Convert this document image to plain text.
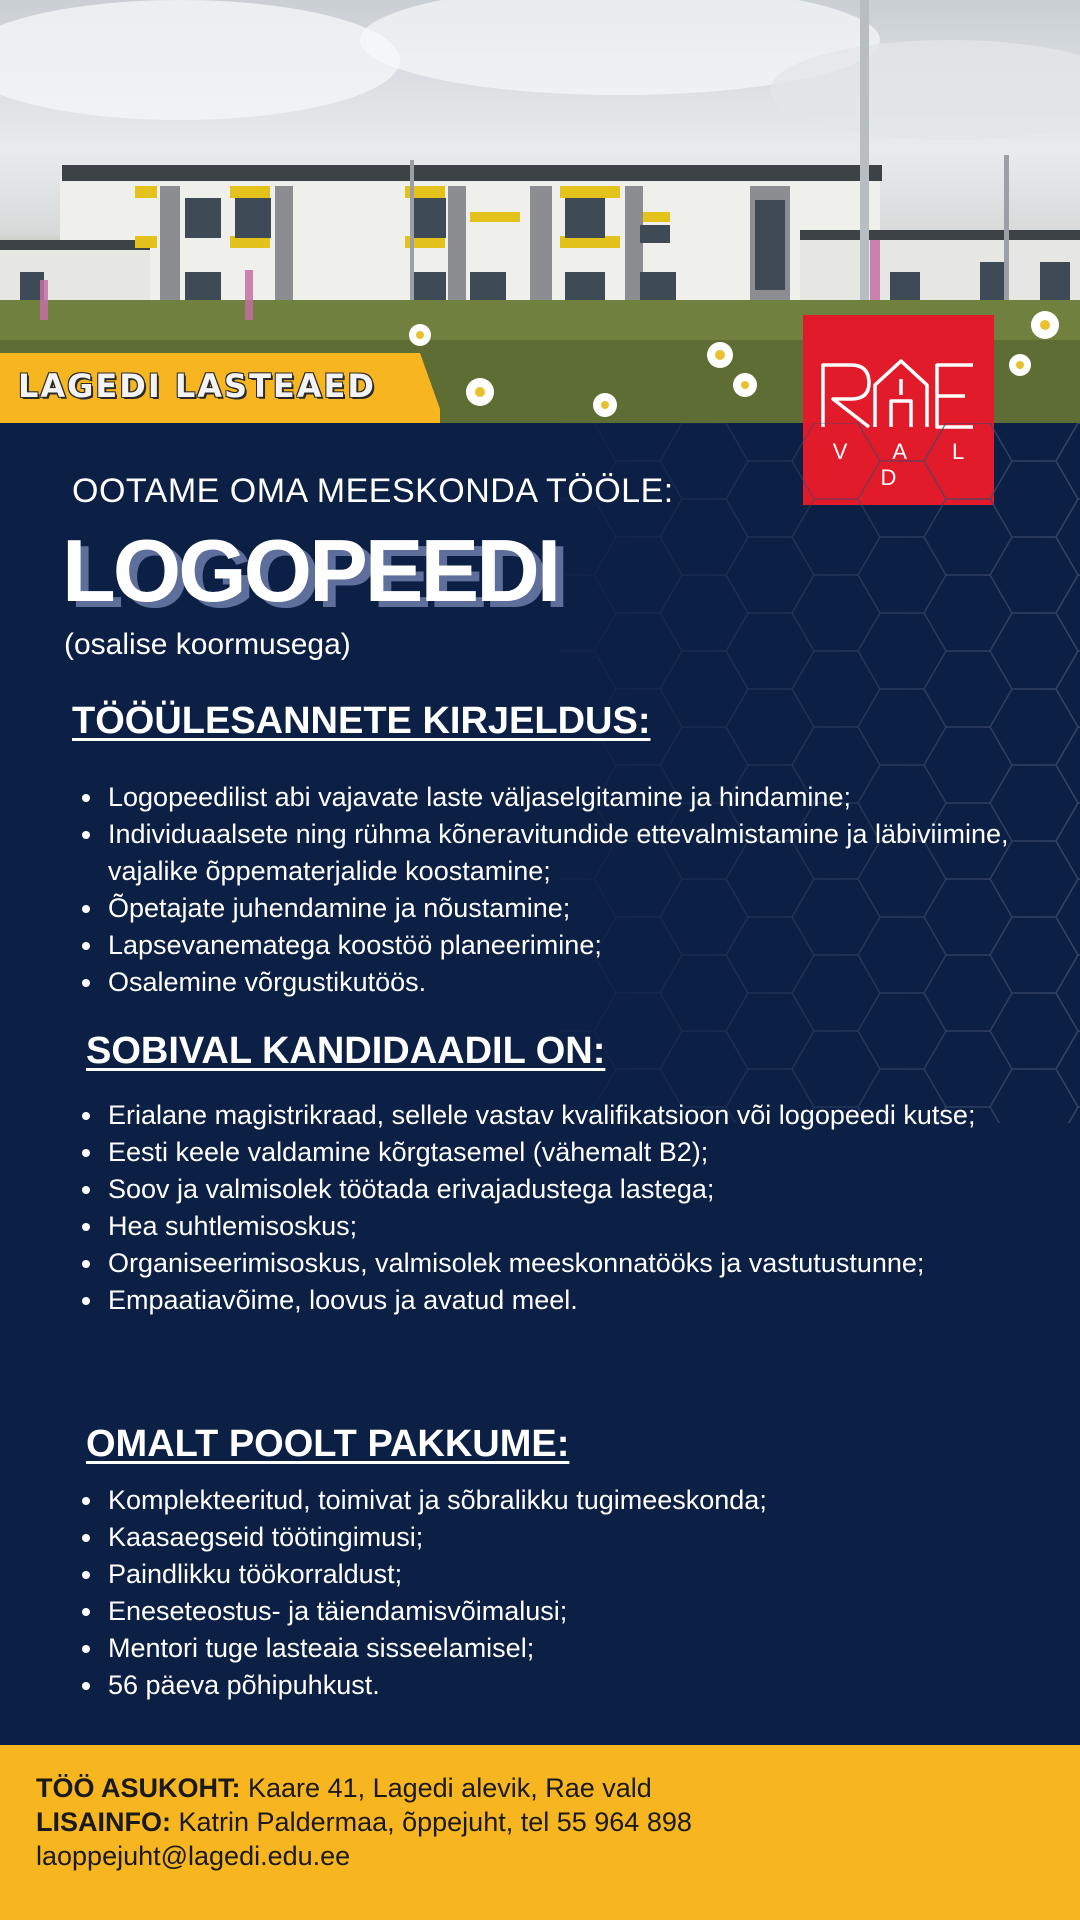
LAGEDI LASTEAED
OOTAME OMA MEESKONDA TÖÖLE:
LOGOPEEDI
(osalise koormusega)
TÖÖÜLESANNETE KIRJELDUS:
Logopeedilist abi vajavate laste väljaselgitamine ja hindamine;
Individuaalsete ning rühma kõneravitundide ettevalmistamine ja läbiviimine, vajalike õppematerjalide koostamine;
Õpetajate juhendamine ja nõustamine;
Lapsevanematega koostöö planeerimine;
Osalemine võrgustikutöös.
SOBIVAL KANDIDAADIL ON:
Erialane magistrikraad, sellele vastav kvalifikatsioon või logopeedi kutse;
Eesti keele valdamine kõrgtasemel (vähemalt B2);
Soov ja valmisolek töötada erivajadustega lastega;
Hea suhtlemisoskus;
Organiseerimisoskus, valmisolek meeskonnatööks ja vastutustunne;
Empaatiavõime, loovus ja avatud meel.
OMALT POOLT PAKKUME:
Komplekteeritud, toimivat ja sõbralikku tugimeeskonda;
Kaasaegseid töötingimusi;
Paindlikku töökorraldust;
Eneseteostus- ja täiendamisvõimalusi;
Mentori tuge lasteaia sisseelamisel;
56 päeva põhipuhkust.
TÖÖ ASUKOHT: Kaare 41, Lagedi alevik, Rae vald
LISAINFO: Katrin Paldermaa, õppejuht, tel 55 964 898
laoppejuht@lagedi.edu.ee
